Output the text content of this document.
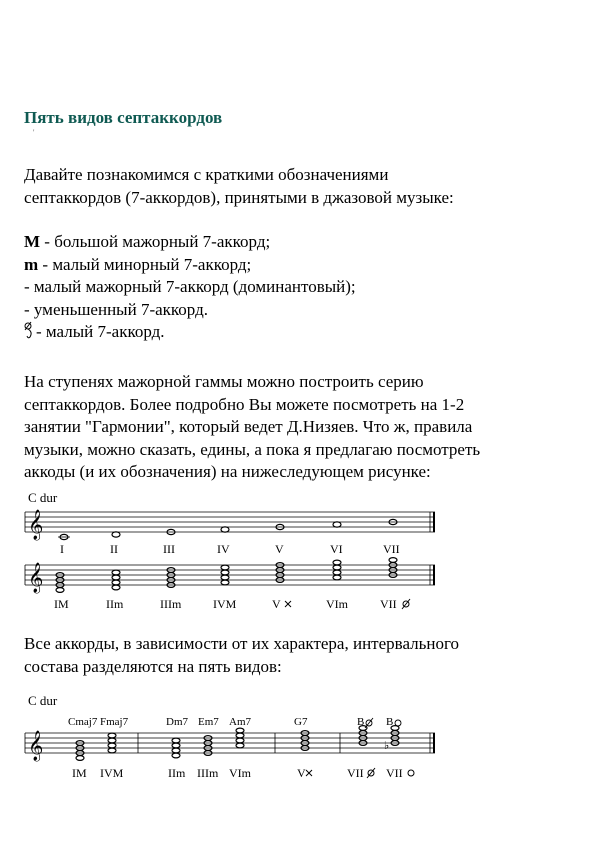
Пять видов септаккордов
'

Давайте познакомимся с краткими обозначениями
септаккордов (7-аккордов), принятыми в джазовой музыке:

M - большой мажорный 7-аккорд;
m - малый минорный 7-аккорд;
- малый мажорный 7-аккорд (доминантовый);
- уменьшенный 7-аккорд.
- малый 7-аккорд.

На ступенях мажорной гаммы можно построить серию
септаккордов. Более подробно Вы можете посмотреть на 1-2
занятии "Гармонии", который ведет Д.Низяев. Что ж, правила
музыки, можно сказать, едины, а пока я предлагаю посмотреть
аккоды (и их обозначения) на нижеследующем рисунке:

C dur
𝄞
I	II	III	IV	V	VI	VII
𝄞
IM	IIm	IIIm	IVM	V	VIm	VII

Все аккорды, в зависимости от их характера, интервального
состава разделяются на пять видов:

C dur
Cmaj7 Fmaj7	Dm7 Em7 Am7	G7	B B
𝄞	♭
IM IVM	IIm IIIm VIm	V	VII VII
